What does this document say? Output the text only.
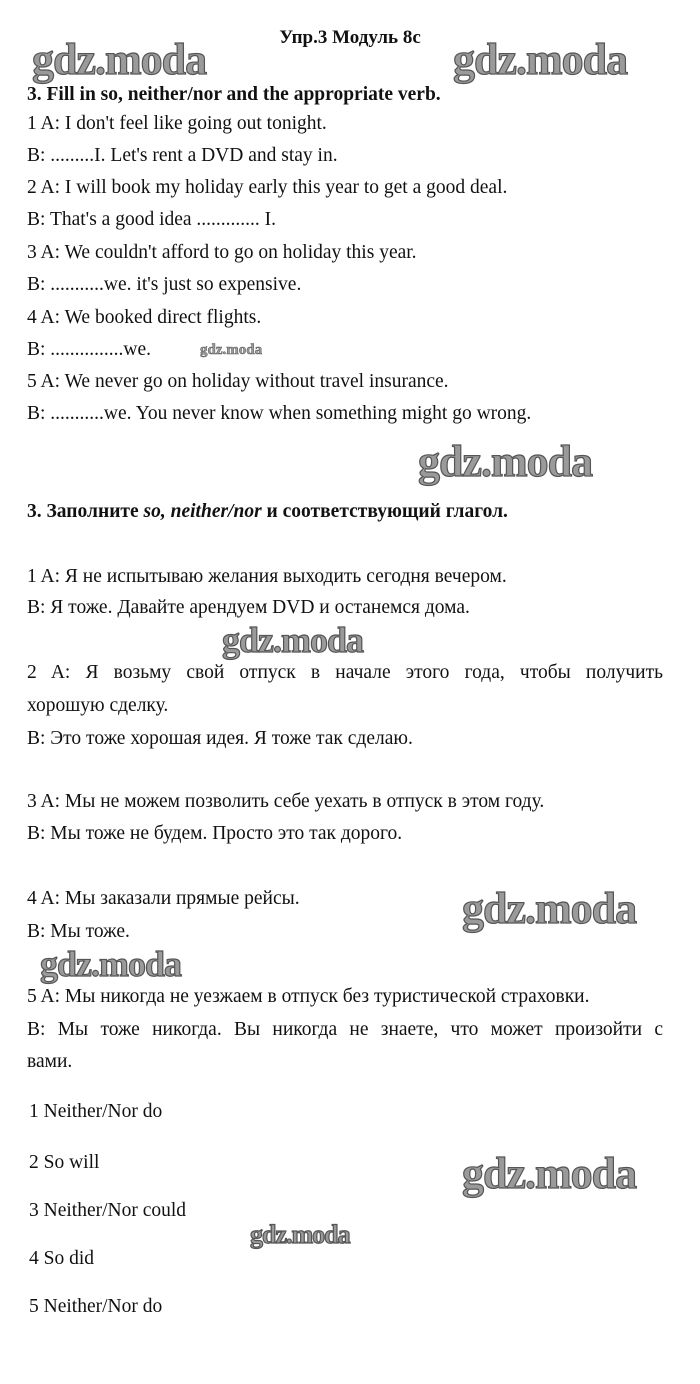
Упр.3 Модуль 8с
gdz.moda	gdz.moda
gdz.moda
gdz.moda
gdz.moda
gdz.moda
gdz.moda
gdz.moda
gdz.moda
3. Fill in so, neither/nor and the appropriate verb.
1 A: I don't feel like going out tonight.
B: .........I. Let's rent a DVD and stay in.
2 A: I will book my holiday early this year to get a good deal.
B: That's a good idea ............. I.
3 A: We couldn't afford to go on holiday this year.
B: ...........we. it's just so expensive.
4 A: We booked direct flights.
B: ...............we.
5 A: We never go on holiday without travel insurance.
B: ...........we. You never know when something might go wrong.
3. Заполните so, neither/nor и соответствующий глагол.
1 A: Я не испытываю желания выходить сегодня вечером.
B: Я тоже. Давайте арендуем DVD и останемся дома.
2 A: Я возьму свой отпуск в начале этого года, чтобы получить
хорошую сделку.
B: Это тоже хорошая идея. Я тоже так сделаю.
3 A: Мы не можем позволить себе уехать в отпуск в этом году.
B: Мы тоже не будем. Просто это так дорого.
4 A: Мы заказали прямые рейсы.
B: Мы тоже.
5 A: Мы никогда не уезжаем в отпуск без туристической страховки.
B: Мы тоже никогда. Вы никогда не знаете, что может произойти с
вами.
1 Neither/Nor do
2 So will
3 Neither/Nor could
4 So did
5 Neither/Nor do
